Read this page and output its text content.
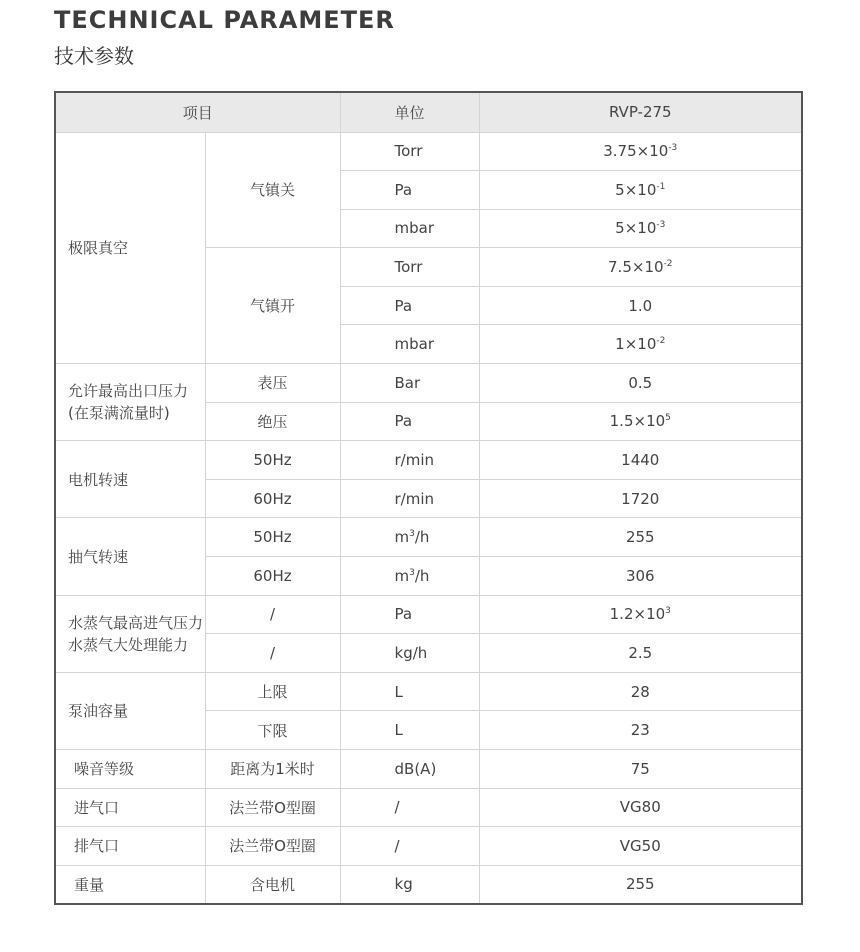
TECHNICAL PARAMETER
技术参数
项目		单位	RVP-275
极限真空	气镇关	Torr	$3.75\times 10^{-3}$
		Pa	$5\times 10^{-1}$
		mbar	$5\times 10^{-3}$
	气镇开	Torr	$7.5\times 10^{-2}$
		Pa	1.0
		mbar	$1\times 10^{-2}$

允许最高出口压力
(在泵满流量时)	表压	Bar	0.5
	绝压	Pa	$1.5\times 10^5$
电机转速	50Hz	r/min	1440
	60Hz	r/min	1720
抽气转速	50Hz	$m^3/h$	255
	60Hz	$m^3/h$	306

水蒸气最高进气压力
水蒸气大处理能力	/	Pa	$1.2\times 10^3$
	/	kg/h	2.5
泵油容量	上限	L	28
	下限	L	23
噪音等级	距离为1米时	dB(A)	75
进气口	法兰带O型圈	/	VG80
排气口	法兰带O型圈	/	VG50
重量	含电机	kg	255
